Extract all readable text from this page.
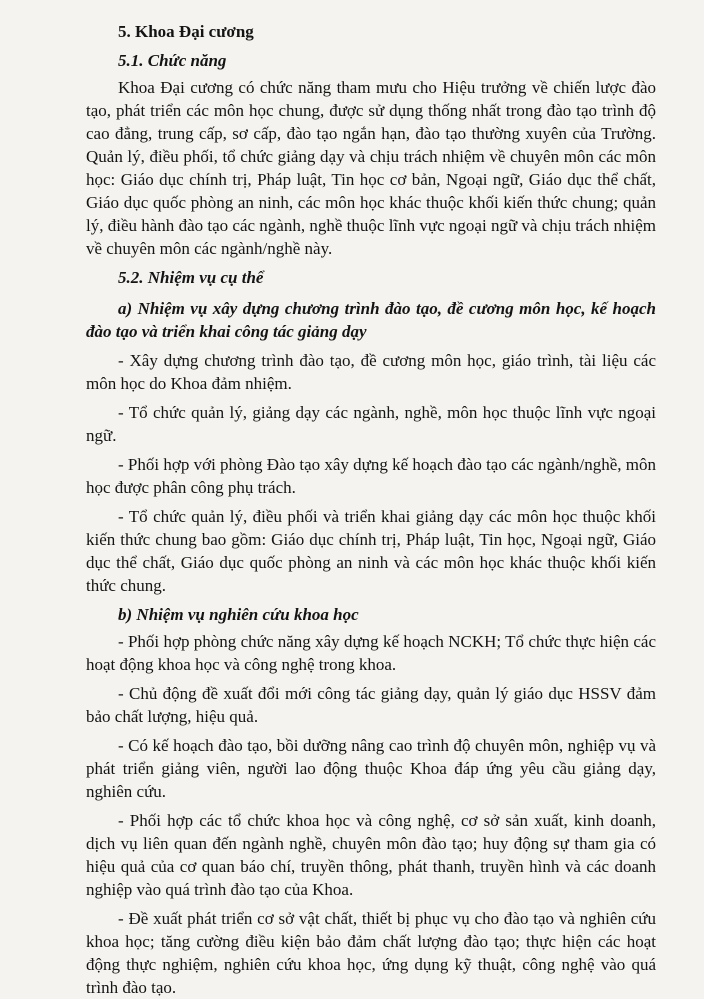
5. Khoa Đại cương
5.1. Chức năng
Khoa Đại cương có chức năng tham mưu cho Hiệu trưởng về chiến lược đào tạo, phát triển các môn học chung, được sử dụng thống nhất trong đào tạo trình độ cao đẳng, trung cấp, sơ cấp, đào tạo ngắn hạn, đào tạo thường xuyên của Trường. Quản lý, điều phối, tổ chức giảng dạy và chịu trách nhiệm về chuyên môn các môn học: Giáo dục chính trị, Pháp luật, Tin học cơ bản, Ngoại ngữ, Giáo dục thể chất, Giáo dục quốc phòng an ninh, các môn học khác thuộc khối kiến thức chung; quản lý, điều hành đào tạo các ngành, nghề thuộc lĩnh vực ngoại ngữ và chịu trách nhiệm về chuyên môn các ngành/nghề này.
5.2. Nhiệm vụ cụ thể
a) Nhiệm vụ xây dựng chương trình đào tạo, đề cương môn học, kế hoạch đào tạo và triển khai công tác giảng dạy
- Xây dựng chương trình đào tạo, đề cương môn học, giáo trình, tài liệu các môn học do Khoa đảm nhiệm.
- Tổ chức quản lý, giảng dạy các ngành, nghề, môn học thuộc lĩnh vực ngoại ngữ.
- Phối hợp với phòng Đào tạo xây dựng kế hoạch đào tạo các ngành/nghề, môn học được phân công phụ trách.
- Tổ chức quản lý, điều phối và triển khai giảng dạy các môn học thuộc khối kiến thức chung bao gồm: Giáo dục chính trị, Pháp luật, Tin học, Ngoại ngữ, Giáo dục thể chất, Giáo dục quốc phòng an ninh và các môn học khác thuộc khối kiến thức chung.
b) Nhiệm vụ nghiên cứu khoa học
- Phối hợp phòng chức năng xây dựng kế hoạch NCKH; Tổ chức thực hiện các hoạt động khoa học và công nghệ trong khoa.
- Chủ động đề xuất đổi mới công tác giảng dạy, quản lý giáo dục HSSV đảm bảo chất lượng, hiệu quả.
- Có kế hoạch đào tạo, bồi dưỡng nâng cao trình độ chuyên môn, nghiệp vụ và phát triển giảng viên, người lao động thuộc Khoa đáp ứng yêu cầu giảng dạy, nghiên cứu.
- Phối hợp các tổ chức khoa học và công nghệ, cơ sở sản xuất, kinh doanh, dịch vụ liên quan đến ngành nghề, chuyên môn đào tạo; huy động sự tham gia có hiệu quả của cơ quan báo chí, truyền thông, phát thanh, truyền hình và các doanh nghiệp vào quá trình đào tạo của Khoa.
- Đề xuất phát triển cơ sở vật chất, thiết bị phục vụ cho đào tạo và nghiên cứu khoa học; tăng cường điều kiện bảo đảm chất lượng đào tạo; thực hiện các hoạt động thực nghiệm, nghiên cứu khoa học, ứng dụng kỹ thuật, công nghệ vào quá trình đào tạo.
